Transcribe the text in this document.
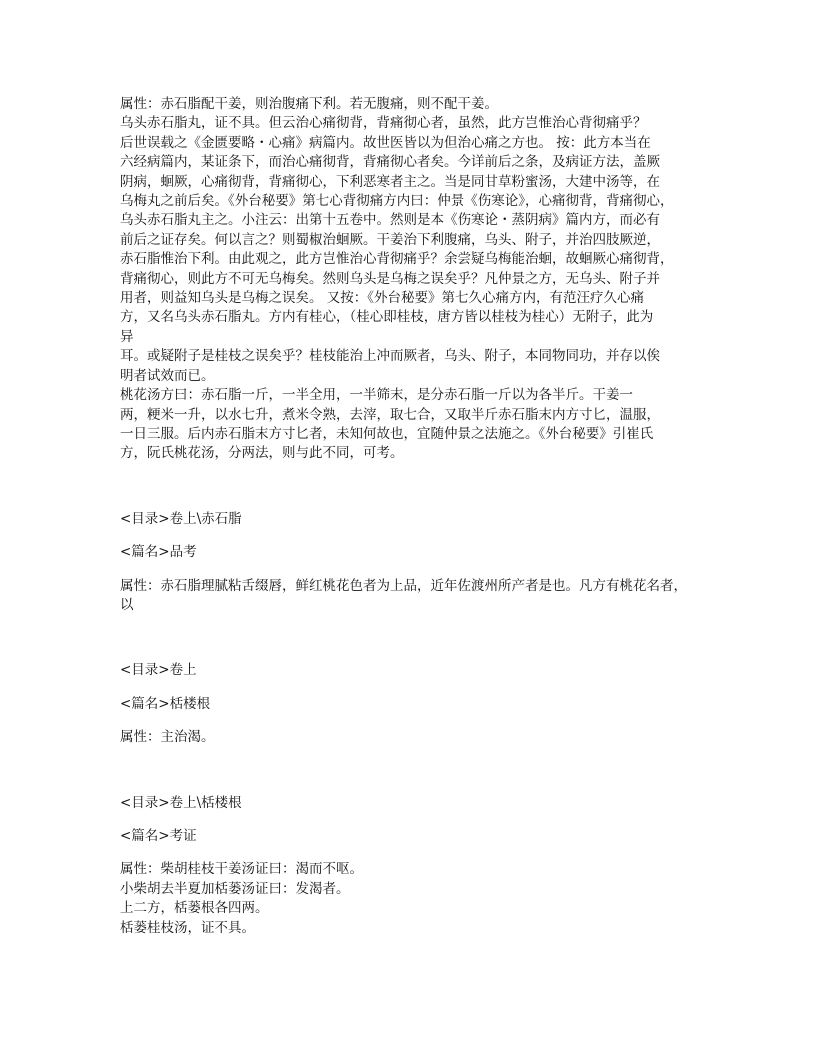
属性：赤石脂配干姜，则治腹痛下利。若无腹痛，则不配干姜。
乌头赤石脂丸，证不具。但云治心痛彻背，背痛彻心者，虽然，此方岂惟治心背彻痛乎？
后世误载之《金匮要略・心痛》病篇内。故世医皆以为但治心痛之方也。 按：此方本当在
六经病篇内，某证条下，而治心痛彻背，背痛彻心者矣。今详前后之条，及病证方法，盖厥
阴病，蛔厥，心痛彻背，背痛彻心，下利恶寒者主之。当是同甘草粉蜜汤，大建中汤等，在
乌梅丸之前后矣。《外台秘要》第七心背彻痛方内曰：仲景《伤寒论》，心痛彻背，背痛彻心，
乌头赤石脂丸主之。小注云：出第十五卷中。然则是本《伤寒论・蒸阴病》篇内方，而必有
前后之证存矣。何以言之？则蜀椒治蛔厥。干姜治下利腹痛，乌头、附子，并治四肢厥逆，
赤石脂惟治下利。由此观之，此方岂惟治心背彻痛乎？余尝疑乌梅能治蛔，故蛔厥心痛彻背，
背痛彻心，则此方不可无乌梅矣。然则乌头是乌梅之误矣乎？凡仲景之方，无乌头、附子并
用者，则益知乌头是乌梅之误矣。 又按：《外台秘要》第七久心痛方内，有范汪疗久心痛
方，又名乌头赤石脂丸。方内有桂心，（桂心即桂枝，唐方皆以桂枝为桂心）无附子，此为
异
耳。或疑附子是桂枝之误矣乎？桂枝能治上冲而厥者，乌头、附子，本同物同功，并存以俟
明者试效而已。
桃花汤方曰：赤石脂一斤，一半全用，一半筛末，是分赤石脂一斤以为各半斤。干姜一
两，粳米一升，以水七升，煮米令熟，去滓，取七合，又取半斤赤石脂末内方寸匕，温服，
一日三服。后内赤石脂末方寸匕者，未知何故也，宜随仲景之法施之。《外台秘要》引崔氏
方，阮氏桃花汤，分两法，则与此不同，可考。
<目录>卷上\赤石脂
<篇名>品考
属性：赤石脂理腻粘舌缀唇，鲜红桃花色者为上品，近年佐渡州所产者是也。凡方有桃花名者，
以
<目录>卷上
<篇名>栝楼根
属性：主治渴。
<目录>卷上\栝楼根
<篇名>考证
属性：柴胡桂枝干姜汤证曰：渴而不呕。
小柴胡去半夏加栝蒌汤证曰：发渴者。
上二方，栝蒌根各四两。
栝蒌桂枝汤，证不具。
